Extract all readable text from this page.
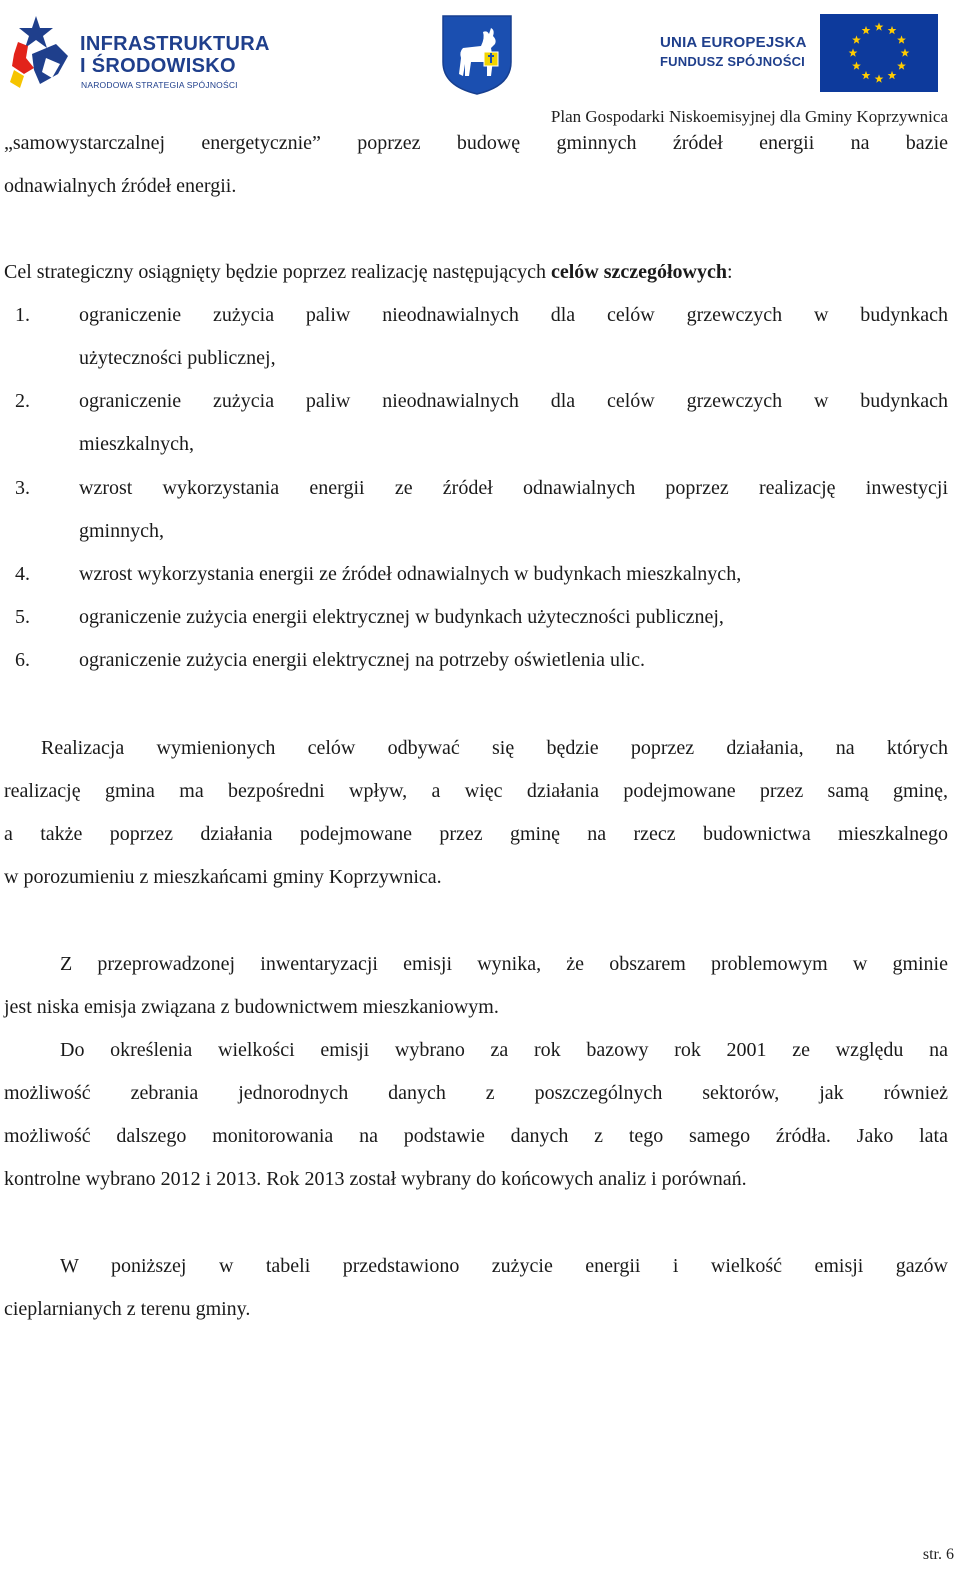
INFRASTRUKTURA
I ŚRODOWISKO
NARODOWA STRATEGIA SPÓJNOŚCI
UNIA EUROPEJSKA
FUNDUSZ SPÓJNOŚCI
Plan Gospodarki Niskoemisyjnej dla Gminy Koprzywnica
„samowystarczalnej energetycznie” poprzez budowę gminnych źródeł energii na bazie
odnawialnych źródeł energii.
Cel strategiczny osiągnięty będzie poprzez realizację następujących celów szczegółowych:
1. ograniczenie zużycia paliw nieodnawialnych dla celów grzewczych w budynkach
użyteczności publicznej,
2. ograniczenie zużycia paliw nieodnawialnych dla celów grzewczych w budynkach
mieszkalnych,
3. wzrost wykorzystania energii ze źródeł odnawialnych poprzez realizację inwestycji
gminnych,
4. wzrost wykorzystania energii ze źródeł odnawialnych w budynkach mieszkalnych,
5. ograniczenie zużycia energii elektrycznej w budynkach użyteczności publicznej,
6. ograniczenie zużycia energii elektrycznej na potrzeby oświetlenia ulic.
Realizacja wymienionych celów odbywać się będzie poprzez działania, na których
realizację gmina ma bezpośredni wpływ, a więc działania podejmowane przez samą gminę,
a także poprzez działania podejmowane przez gminę na rzecz budownictwa mieszkalnego
w porozumieniu z mieszkańcami gminy Koprzywnica.
Z przeprowadzonej inwentaryzacji emisji wynika, że obszarem problemowym w gminie
jest niska emisja związana z budownictwem mieszkaniowym.
Do określenia wielkości emisji wybrano za rok bazowy rok 2001 ze względu na
możliwość zebrania jednorodnych danych z poszczególnych sektorów, jak również
możliwość dalszego monitorowania na podstawie danych z tego samego źródła. Jako lata
kontrolne wybrano 2012 i 2013. Rok 2013 został wybrany do końcowych analiz i porównań.
W poniższej w tabeli przedstawiono zużycie energii i wielkość emisji gazów
cieplarnianych z terenu gminy.
str. 6
